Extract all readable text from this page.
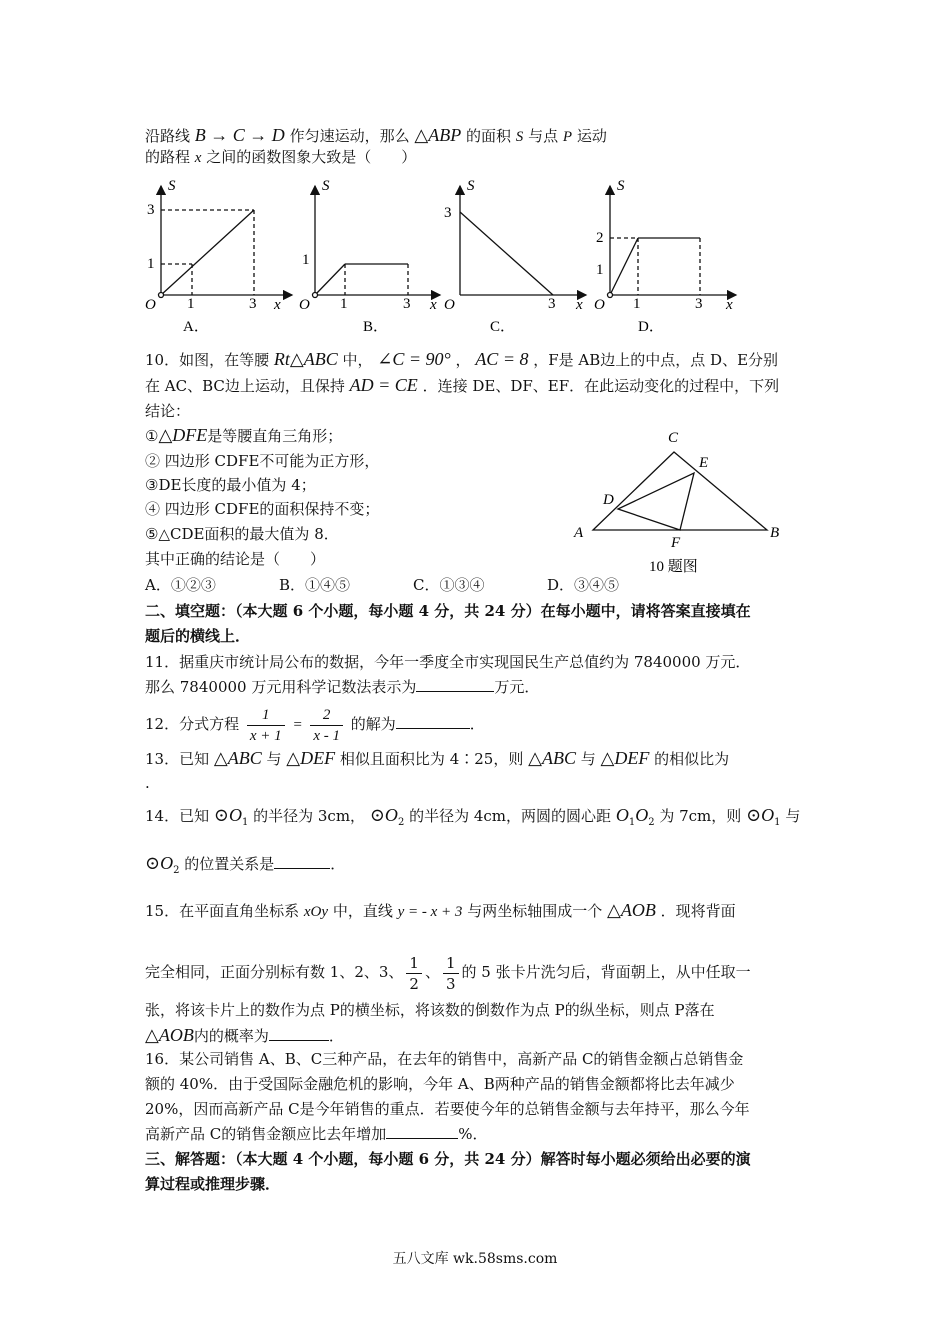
沿路线 B → C → D 作匀速运动，那么 △ABP 的面积 S 与点 P 运动
的路程 x 之间的函数图象大致是（　　）
S
x
O
3
1
1	3
A．
S
x
O
1
1	3
B．
S
x
O
3
3
C．
S
x
O
2
1
1	3
D．
10．如图，在等腰 Rt△ABC 中， ∠C = 90° ， AC = 8 ，F是 AB边上的中点，点 D、E分别
在 AC、BC边上运动，且保持 AD = CE ．连接 DE、DF、EF．在此运动变化的过程中，下列
结论：
①△DFE是等腰直角三角形；
② 四边形 CDFE不可能为正方形，
③DE长度的最小值为 4；
④ 四边形 CDFE的面积保持不变；
⑤△CDE面积的最大值为 8．
其中正确的结论是（　　）
A．①②③	B．①④⑤	C．①③④	D．③④⑤
C
E
D
A
F
B
10 题图
二、填空题：（本大题 6 个小题，每小题 4 分，共 24 分）在每小题中，请将答案直接填在
题后的横线上．
11．据重庆市统计局公布的数据，今年一季度全市实现国民生产总值约为 7840000 万元．
那么 7840000 万元用科学记数法表示为	万元．
12．分式方程 $\frac{1}{x + 1} = \frac{2}{x - 1}$ 的解为	．
13．已知 △ABC 与 △DEF 相似且面积比为 4∶25，则 △ABC 与 △DEF 的相似比为
.
14．已知 $⊙O_1$ 的半径为 3cm， $⊙O_2$ 的半径为 4cm，两圆的圆心距 $O_1O_2$ 为 7cm，则 $⊙O_1$ 与
$⊙O_2$ 的位置关系是	．
15．在平面直角坐标系 xOy 中，直线 y = - x + 3 与两坐标轴围成一个 △AOB ．现将背面
完全相同，正面分别标有数 1、2、3、 $\frac{1}{2}$ 、 $\frac{1}{3}$ 的 5 张卡片洗匀后，背面朝上，从中任取一
张，将该卡片上的数作为点 P的横坐标，将该数的倒数作为点 P的纵坐标，则点 P落在
△AOB内的概率为	．
16．某公司销售 A、B、C三种产品，在去年的销售中，高新产品 C的销售金额占总销售金
额的 40%．由于受国际金融危机的影响，今年 A、B两种产品的销售金额都将比去年减少
20%，因而高新产品 C是今年销售的重点．若要使今年的总销售金额与去年持平，那么今年
高新产品 C的销售金额应比去年增加	%．
三、解答题：（本大题 4 个小题，每小题 6 分，共 24 分）解答时每小题必须给出必要的演
算过程或推理步骤．
五八文库 wk.58sms.com
